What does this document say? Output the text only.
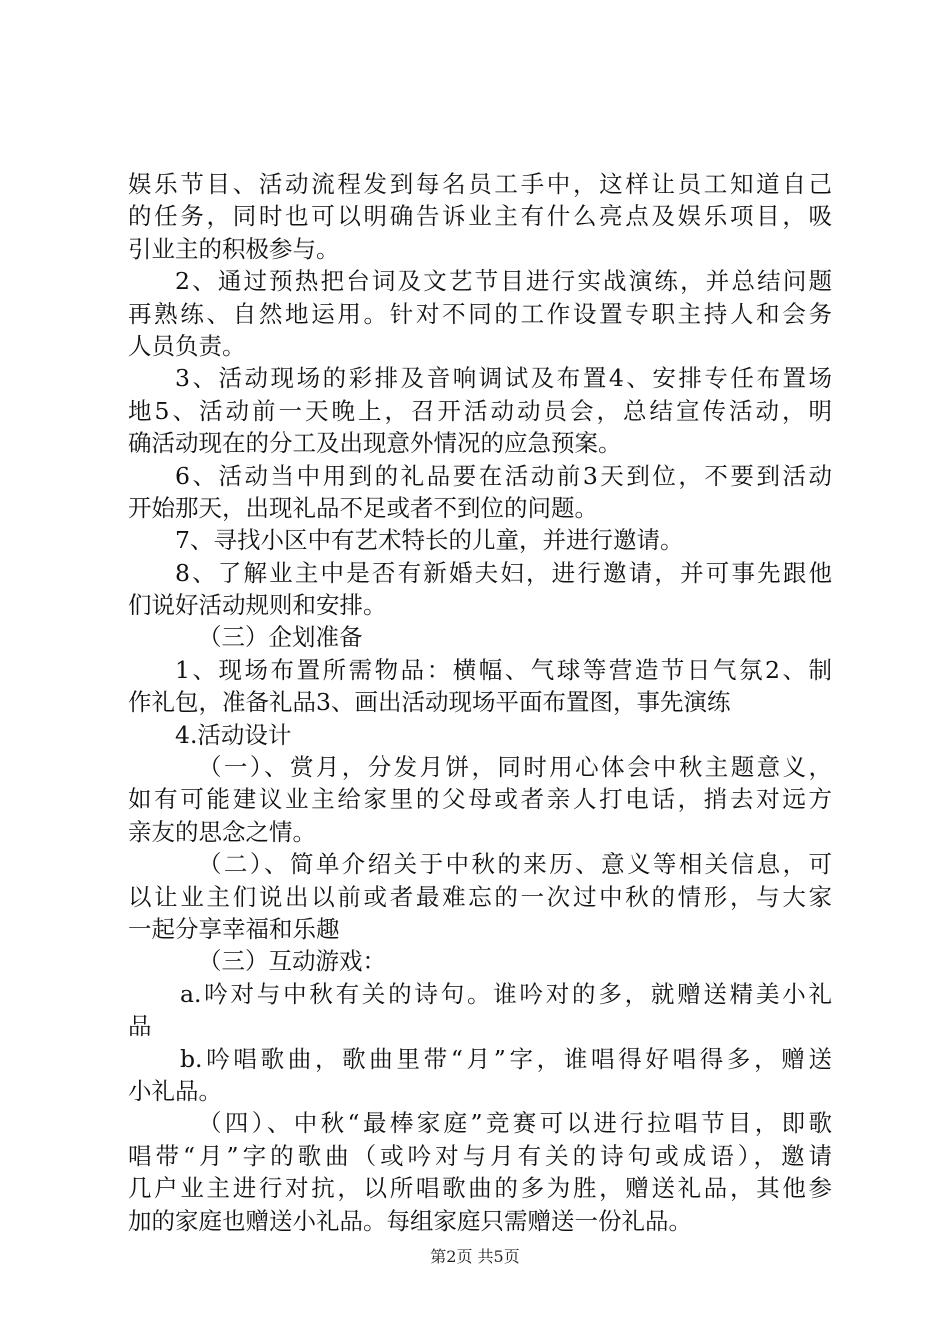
娱乐节目、活动流程发到每名员工手中，这样让员工知道自己

的任务，同时也可以明确告诉业主有什么亮点及娱乐项目，吸

引业主的积极参与。

2、通过预热把台词及文艺节目进行实战演练，并总结问题

再熟练、自然地运用。针对不同的工作设置专职主持人和会务

人员负责。

3、活动现场的彩排及音响调试及布置4、安排专任布置场

地5、活动前一天晚上，召开活动动员会，总结宣传活动，明

确活动现在的分工及出现意外情况的应急预案。

6、活动当中用到的礼品要在活动前3天到位，不要到活动

开始那天，出现礼品不足或者不到位的问题。

7、寻找小区中有艺术特长的儿童，并进行邀请。

8、了解业主中是否有新婚夫妇，进行邀请，并可事先跟他

们说好活动规则和安排。

（三）企划准备

1、现场布置所需物品：横幅、气球等营造节日气氛2、制

作礼包，准备礼品3、画出活动现场平面布置图，事先演练

4.活动设计

（一）、赏月，分发月饼，同时用心体会中秋主题意义，

如有可能建议业主给家里的父母或者亲人打电话，捎去对远方

亲友的思念之情。

（二）、简单介绍关于中秋的来历、意义等相关信息，可

以让业主们说出以前或者最难忘的一次过中秋的情形，与大家

一起分享幸福和乐趣

（三）互动游戏：

a.吟对与中秋有关的诗句。谁吟对的多，就赠送精美小礼

品

b.吟唱歌曲，歌曲里带“月”字，谁唱得好唱得多，赠送

小礼品。

（四）、中秋“最棒家庭”竞赛可以进行拉唱节目，即歌

唱带“月”字的歌曲（或吟对与月有关的诗句或成语），邀请

几户业主进行对抗，以所唱歌曲的多为胜，赠送礼品，其他参

加的家庭也赠送小礼品。每组家庭只需赠送一份礼品。

第2页 共5页
